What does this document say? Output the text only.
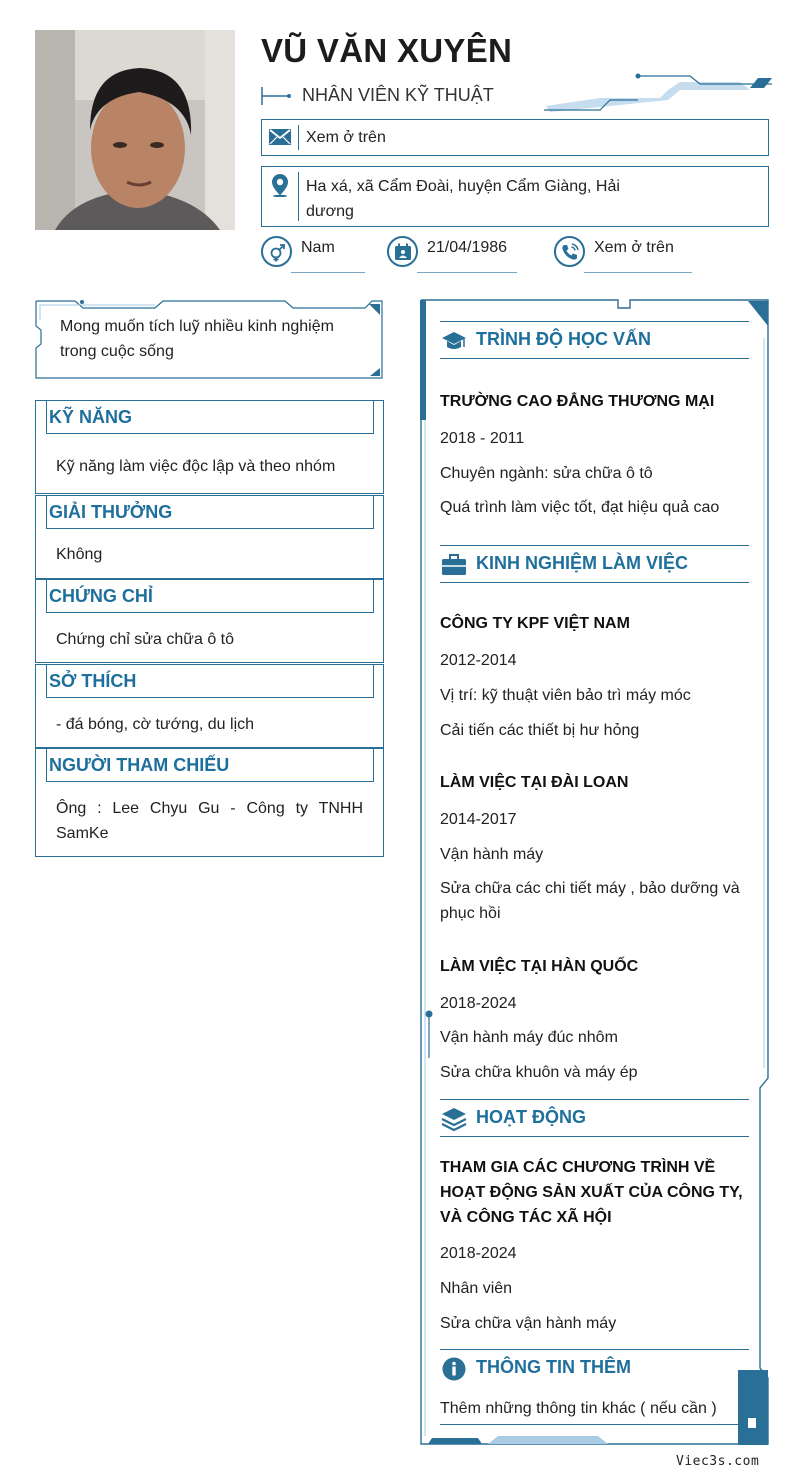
VŨ VĂN XUYÊN
NHÂN VIÊN KỸ THUẬT
Xem ở trên
Ha xá, xã Cẩm Đoài, huyện Cẩm Giàng, Hải dương
Nam	21/04/1986	Xem ở trên
Mong muốn tích luỹ nhiều kinh nghiệm trong cuộc sống
KỸ NĂNG
Kỹ năng làm việc độc lập và theo nhóm
GIẢI THƯỞNG
Không
CHỨNG CHỈ
Chứng chỉ sửa chữa ô tô
SỞ THÍCH
- đá bóng, cờ tướng, du lịch
NGƯỜI THAM CHIẾU
Ông : Lee Chyu Gu - Công ty TNHH SamKe
TRÌNH ĐỘ HỌC VẤN
TRƯỜNG CAO ĐẲNG THƯƠNG MẠI
2018 - 2011
Chuyên ngành: sửa chữa ô tô
Quá trình làm việc tốt, đạt hiệu quả cao
KINH NGHIỆM LÀM VIỆC
CÔNG TY KPF VIỆT NAM
2012-2014
Vị trí: kỹ thuật viên bảo trì máy móc
Cải tiến các thiết bị hư hỏng
LÀM VIỆC TẠI ĐÀI LOAN
2014-2017
Vận hành máy
Sửa chữa các chi tiết máy , bảo dưỡng và phục hồi
LÀM VIỆC TẠI HÀN QUỐC
2018-2024
Vận hành máy đúc nhôm
Sửa chữa khuôn và máy ép
HOẠT ĐỘNG
THAM GIA CÁC CHƯƠNG TRÌNH VỀ HOẠT ĐỘNG SẢN XUẤT CỦA CÔNG TY, VÀ CÔNG TÁC XÃ HỘI
2018-2024
Nhân viên
Sửa chữa vận hành máy
THÔNG TIN THÊM
Thêm những thông tin khác ( nếu cần )
Viec3s.com
